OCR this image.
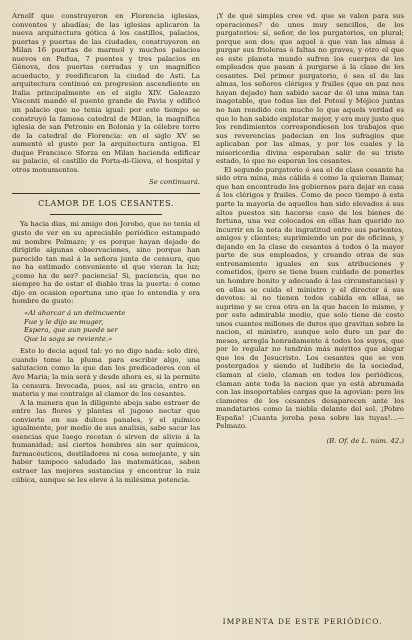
Arnolf que construyeron en Florencia iglesias, conventos y abadías; de las iglesias aplicaron la nueva arquitectura gótica á los castillos, palacios, puertas y puertas de las ciudades, construyeron en Milan 16 puertas de marmol y muchos palacios nuevos en Padua, 7 puentes y tres palacios en Génova, dos puertas cerradas y un magnífico acueducto, y reedificaron la ciudad de Asti. La arquitectura continuó en progresion ascendiente en Italia principalmente en el siglo XIV. Galeazzo Visconti mandó el puente grande de Pavia y edificó un palacio que no tenia igual: por este tiempo se construyó la famosa catedral de Milan, la magnífica iglesia de san Petronio en Bolonia y la célebre torre de la catedral de Florencia: en el siglo XV se aumentó el gusto por la arquitectura antigua. El duque Francisco Sforza en Milan hacienda edificar su palacio, el castillo de Porta-di-Giova, el hospital y otros monumentos.

Se continuará.

CLAMOR DE LOS CESANTES.

Ya hacia dias, mi amigo don Jorobo, que no tenia el gusto de ver en su apreciable periódico estampado mi nombre Pelmazo; y es porque hayan dejado de dirigirle algunas observaciones, sino porque han parecido tan mal á la señora junta de censura, que no ha estimado conveniente el que vieran la luz; ¿como ha de ser? paciencia! Si, paciencia, que no siempre ha de estar el diablo tras la puerta: ó como dijo en ocasion oportuna uno que lo entendia y era hombre de gusto:

«Al ahorcar á un delincuente
Fue y le dijo su muger,
Espera, que aun puede ser
Que la soga se reviente.»

Esto lo decia aquel tal: yo no digo nada: solo diré, cuando tome la pluma para escribir algo, una salutacion como la que dan los predicadores con el Ave Maria; la mia será y desde ahora es, si la permite la censura. Invocada, pues, así su gracia, entro en materia y me contraigo al clamor de los cesantes.

A la manera que la diligente abeja sabe estraer de entre las flores y plantas el jugoso nectar que convierte en sus dulces panales, y el químico igualmente, por medio de sus analisis, sabe sacar las esencias que luego recetan ó sirven de alivio á la humanidad; así ciertos hombres sin ser químicos, farmacéuticos, destiladores ni cosa semejante, y sin haber tampoco saludado las matemáticas, saben estraer las mejores sustancias y encontrar la raiz cúbica, aunque se les eleve á la milésima potencia.

¡Y de qué simples cree vd. que se valen para sus operaciones? de unos muy sencillos, de los purgatorios: sí, señor, de los purgatorios, en plural; porque son dos; que aquel á que van las almas á purgar sus frioleras ó faltas no graves, y otro el que es este planeta mundo sufren los cuerpos de los empleados que pasan á purgarse á la clase de los cesantes. Del primer purgatorio, ó sea el de las almas, los señores clérigos y frailes (que en paz nos hayan dejado) han sabido sacar de él una mina tan inagotable, que todas las del Potosí y Méjico juntas no han rendido con mucho lo que aquels verdad es que lo han sabido explotar mejor, y era muy justo que los rendimientos correspondiesen los trabajos que sus reverencias padecian en los sufragios que aplicaban por las almas, y por los cuales y la misericordia divina esperaban salir de su triste estado, lo que no esperan los cesantes.

El segundo purgatorio ó sea el de clase cesante ha sido otra mina, más cálida é como la quieran llamar, que han encontrado los gobiernos para dejar en casa á los clérigos y frailes. Como de poco tiempo á esta parte la mayoría de aquellos han sido elevados á sus altos puestos sin hacerse caso de los bienes de fortuna, una vez colocados en ellas han querido no incurrir en la nota de ingratitud entre sus parientes, amigos y clientes; suprimiendo un par de oficinas, y dejando en la clase de cesantes á todos ó la mayor parte de sus empleados, y creando otras de sus entrenamiento iguales en sus atribuciones y cometidos, (pero se tiene buen cuidado de ponerles un hombre bonito y adecuado á las circunstancias) y en ellas se cuida el ministro y el director á sus devotos: si no tienen todos cabida en ellas, se suprime y se crea otra en la que hacen lo mismo, y por este admirable medio, que solo tiene de costo unos cuantos millones de duros que gravitan sobre la nacion, el ministro, aunque solo dure un par de meses, arregla honradamente á todos los suyos, que por lo regular no tendrán más méritos que alegar que los de Jesucristo. Los cesantes que se ven postergados y siendo el ludibrio de la sociedad, claman al cielo, claman en todos los periódicos, claman ante toda la nacion que ya está abrumada con las insoportables cargas que la agovian: pero los clamores de los cesantes desaparecen ante los mandatarios como la niebla delante del sol. ¡Pobre España! ¡Cuanta joroba pesa sobre las tuyas!...—Pelmazo.

(B. Of. de L. núm. 42.)

IMPRENTA DE ESTE PERIÓDICO.
